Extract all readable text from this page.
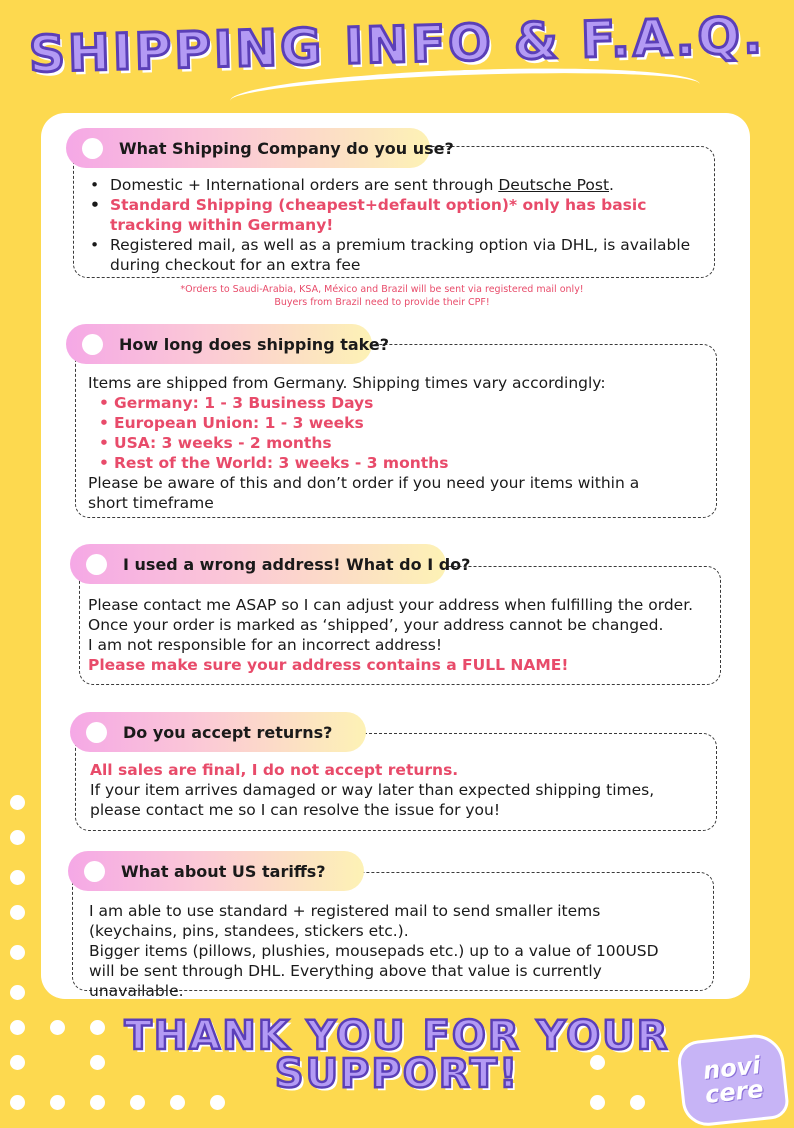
SHIPPING INFO & F.A.Q.
• Domestic + International orders are sent through Deutsche Post.
• Standard Shipping (cheapest+default option)* only has basic tracking within Germany!
• Registered mail, as well as a premium tracking option via DHL, is available during checkout for an extra fee
What Shipping Company do you use?
*Orders to Saudi-Arabia, KSA, México and Brazil will be sent via registered mail only!
Buyers from Brazil need to provide their CPF!
Items are shipped from Germany. Shipping times vary accordingly:
• Germany: 1 - 3 Business Days
• European Union: 1 - 3 weeks
• USA: 3 weeks - 2 months
• Rest of the World: 3 weeks - 3 months
Please be aware of this and don’t order if you need your items within a short timeframe
How long does shipping take?
Please contact me ASAP so I can adjust your address when fulfilling the order.
Once your order is marked as ‘shipped’, your address cannot be changed.
I am not responsible for an incorrect address!
Please make sure your address contains a FULL NAME!
I used a wrong address! What do I do?
All sales are final, I do not accept returns.
If your item arrives damaged or way later than expected shipping times, please contact me so I can resolve the issue for you!
Do you accept returns?
I am able to use standard + registered mail to send smaller items (keychains, pins, standees, stickers etc.).
Bigger items (pillows, plushies, mousepads etc.) up to a value of 100USD will be sent through DHL. Everything above that value is currently unavailable.
What about US tariffs?
THANK YOU FOR YOUR
SUPPORT!	novi
cere
